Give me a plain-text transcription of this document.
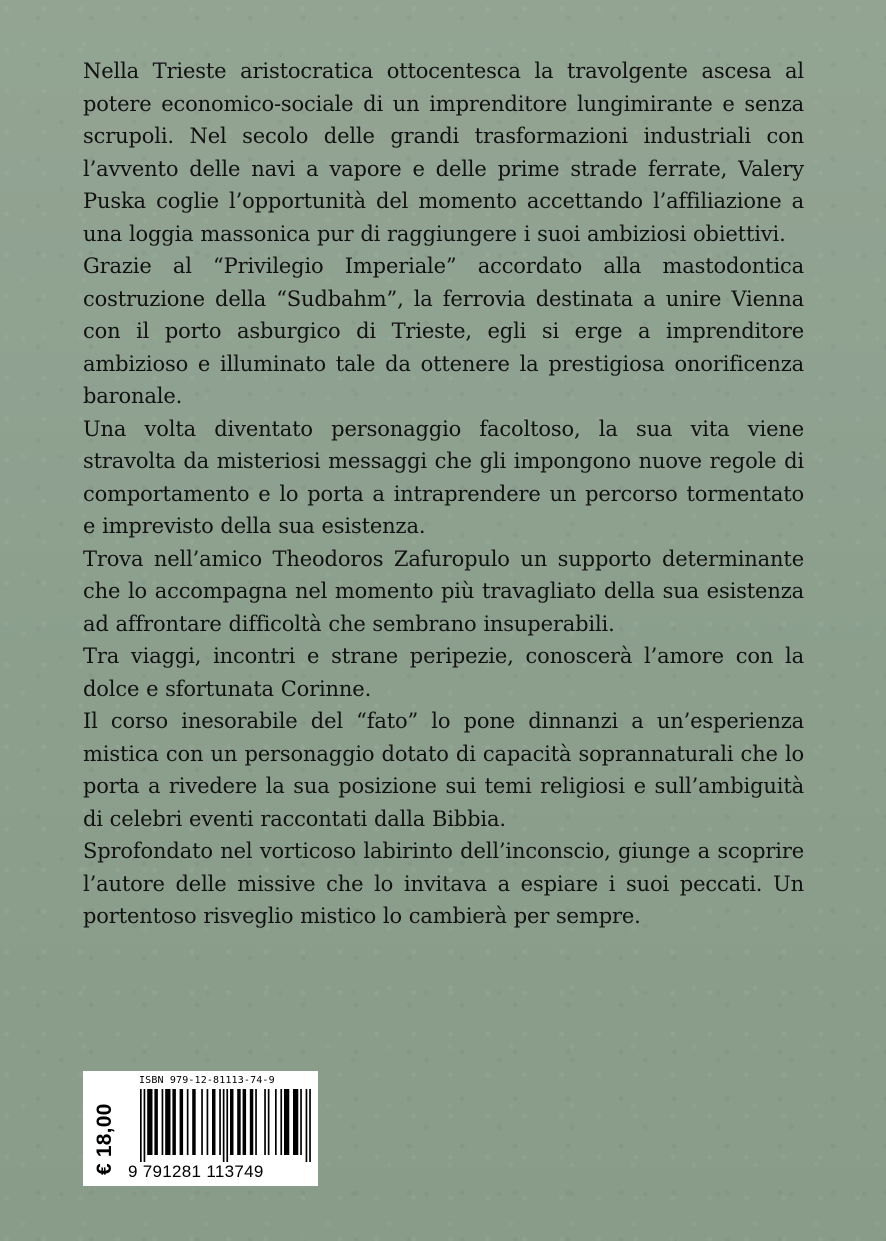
Nella Trieste aristocratica ottocentesca la travolgente ascesa al potere economico-sociale di un imprenditore lungimirante e senza scrupoli. Nel secolo delle grandi trasformazioni industriali con l’avvento delle navi a vapore e delle prime strade ferrate, Valery Puska coglie l’opportunità del momento accettando l’affiliazione a una loggia massonica pur di raggiungere i suoi ambiziosi obiettivi.

Grazie al “Privilegio Imperiale” accordato alla mastodontica costruzione della “Sudbahm”, la ferrovia destinata a unire Vienna con il porto asburgico di Trieste, egli si erge a imprenditore ambizioso e illuminato tale da ottenere la prestigiosa onorificenza baronale.

Una volta diventato personaggio facoltoso, la sua vita viene stravolta da misteriosi messaggi che gli impongono nuove regole di comportamento e lo porta a intraprendere un percorso tormentato e imprevisto della sua esistenza.

Trova nell’amico Theodoros Zafuropulo un supporto determinante che lo accompagna nel momento più travagliato della sua esistenza ad affrontare difficoltà che sembrano insuperabili.

Tra viaggi, incontri e strane peripezie, conoscerà l’amore con la dolce e sfortunata Corinne.

Il corso inesorabile del “fato” lo pone dinnanzi a un’esperienza mistica con un personaggio dotato di capacità soprannaturali che lo porta a rivedere la sua posizione sui temi religiosi e sull’ambiguità di celebri eventi raccontati dalla Bibbia.

Sprofondato nel vorticoso labirinto dell’inconscio, giunge a scoprire l’autore delle missive che lo invitava a espiare i suoi peccati. Un portentoso risveglio mistico lo cambierà per sempre.

€ 18,00
ISBN 979-12-81113-74-9
9 791281 113749
